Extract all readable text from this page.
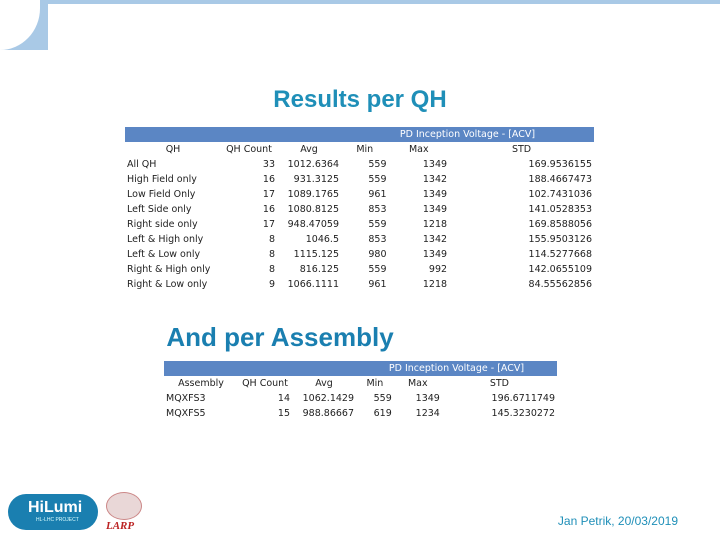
Results per QH
			PD Inception Voltage - [ACV]		
QH	QH Count	Avg	Min	Max	STD
All QH	33	1012.6364	559	1349	169.9536155
High Field only	16	931.3125	559	1342	188.4667473
Low Field Only	17	1089.1765	961	1349	102.7431036
Left Side only	16	1080.8125	853	1349	141.0528353
Right side only	17	948.47059	559	1218	169.8588056
Left & High only	8	1046.5	853	1342	155.9503126
Left & Low only	8	1115.125	980	1349	114.5277668
Right & High only	8	816.125	559	992	142.0655109
Right & Low only	9	1066.1111	961	1218	84.55562856
And per Assembly
			PD Inception Voltage - [ACV]		
Assembly	QH Count	Avg	Min	Max	STD
MQXFS3	14	1062.1429	559	1349	196.6711749
MQXFS5	15	988.86667	619	1234	145.3230272
HiLumi
HL-LHC PROJECT LARP	Jan Petrik, 20/03/2019
